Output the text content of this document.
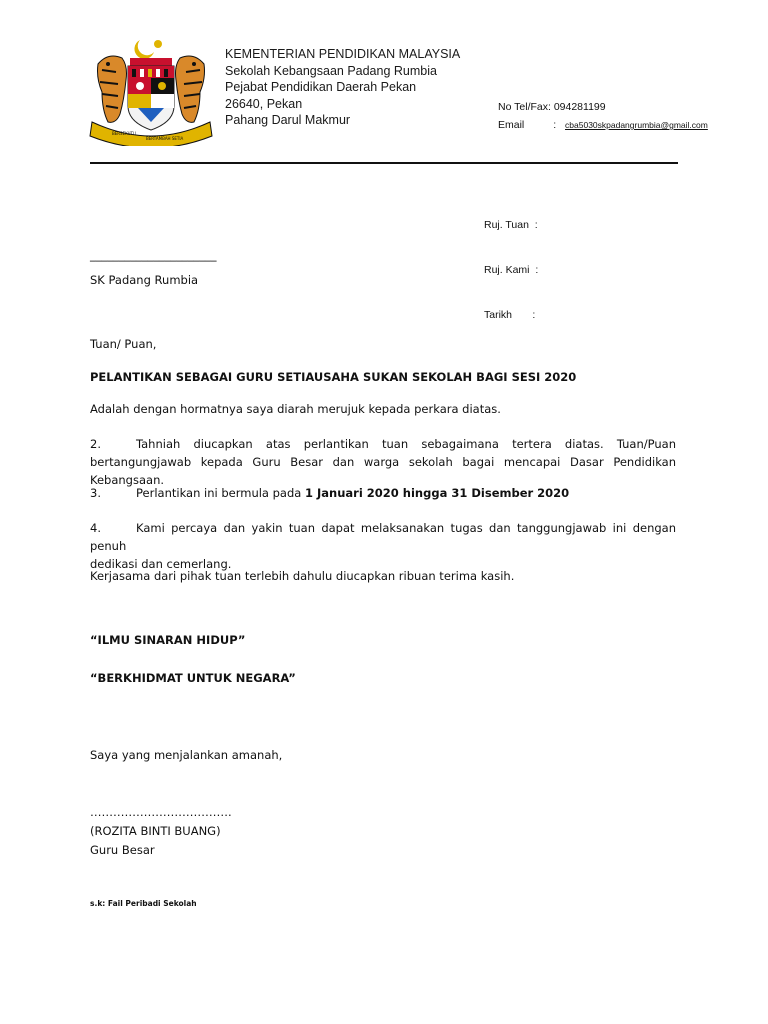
BERSEKUTU
BERTAMBAH SETIA
KEMENTERIAN PENDIDIKAN MALAYSIA
Sekolah Kebangsaan Padang Rumbia
Pejabat Pendidikan Daerah Pekan
26640, Pekan
Pahang Darul Makmur
No Tel/Fax: 094281199
Email	: cba5030skpadangrumbia@gmail.com

Ruj. Tuan  :

Ruj. Kami  :

Tarikh       :

______________________
SK Padang Rumbia
Tuan/ Puan,
PELANTIKAN SEBAGAI GURU SETIAUSAHA SUKAN SEKOLAH BAGI SESI 2020
Adalah dengan hormatnya saya diarah merujuk kepada perkara diatas.
2.	Tahniah diucapkan atas perlantikan tuan sebagaimana tertera diatas. Tuan/Puan
bertangungjawab kepada Guru Besar dan warga sekolah bagai mencapai Dasar Pendidikan Kebangsaan.
3.	Perlantikan ini bermula pada 1 Januari 2020 hingga 31 Disember 2020
4.	Kami percaya dan yakin tuan dapat melaksanakan tugas dan tanggungjawab ini dengan penuh
dedikasi dan cemerlang.
Kerjasama dari pihak tuan terlebih dahulu diucapkan ribuan terima kasih.
“ILMU SINARAN HIDUP”
“BERKHIDMAT UNTUK NEGARA”
Saya yang menjalankan amanah,
……………………………….
(ROZITA BINTI BUANG)
Guru Besar
s.k: Fail Peribadi Sekolah
